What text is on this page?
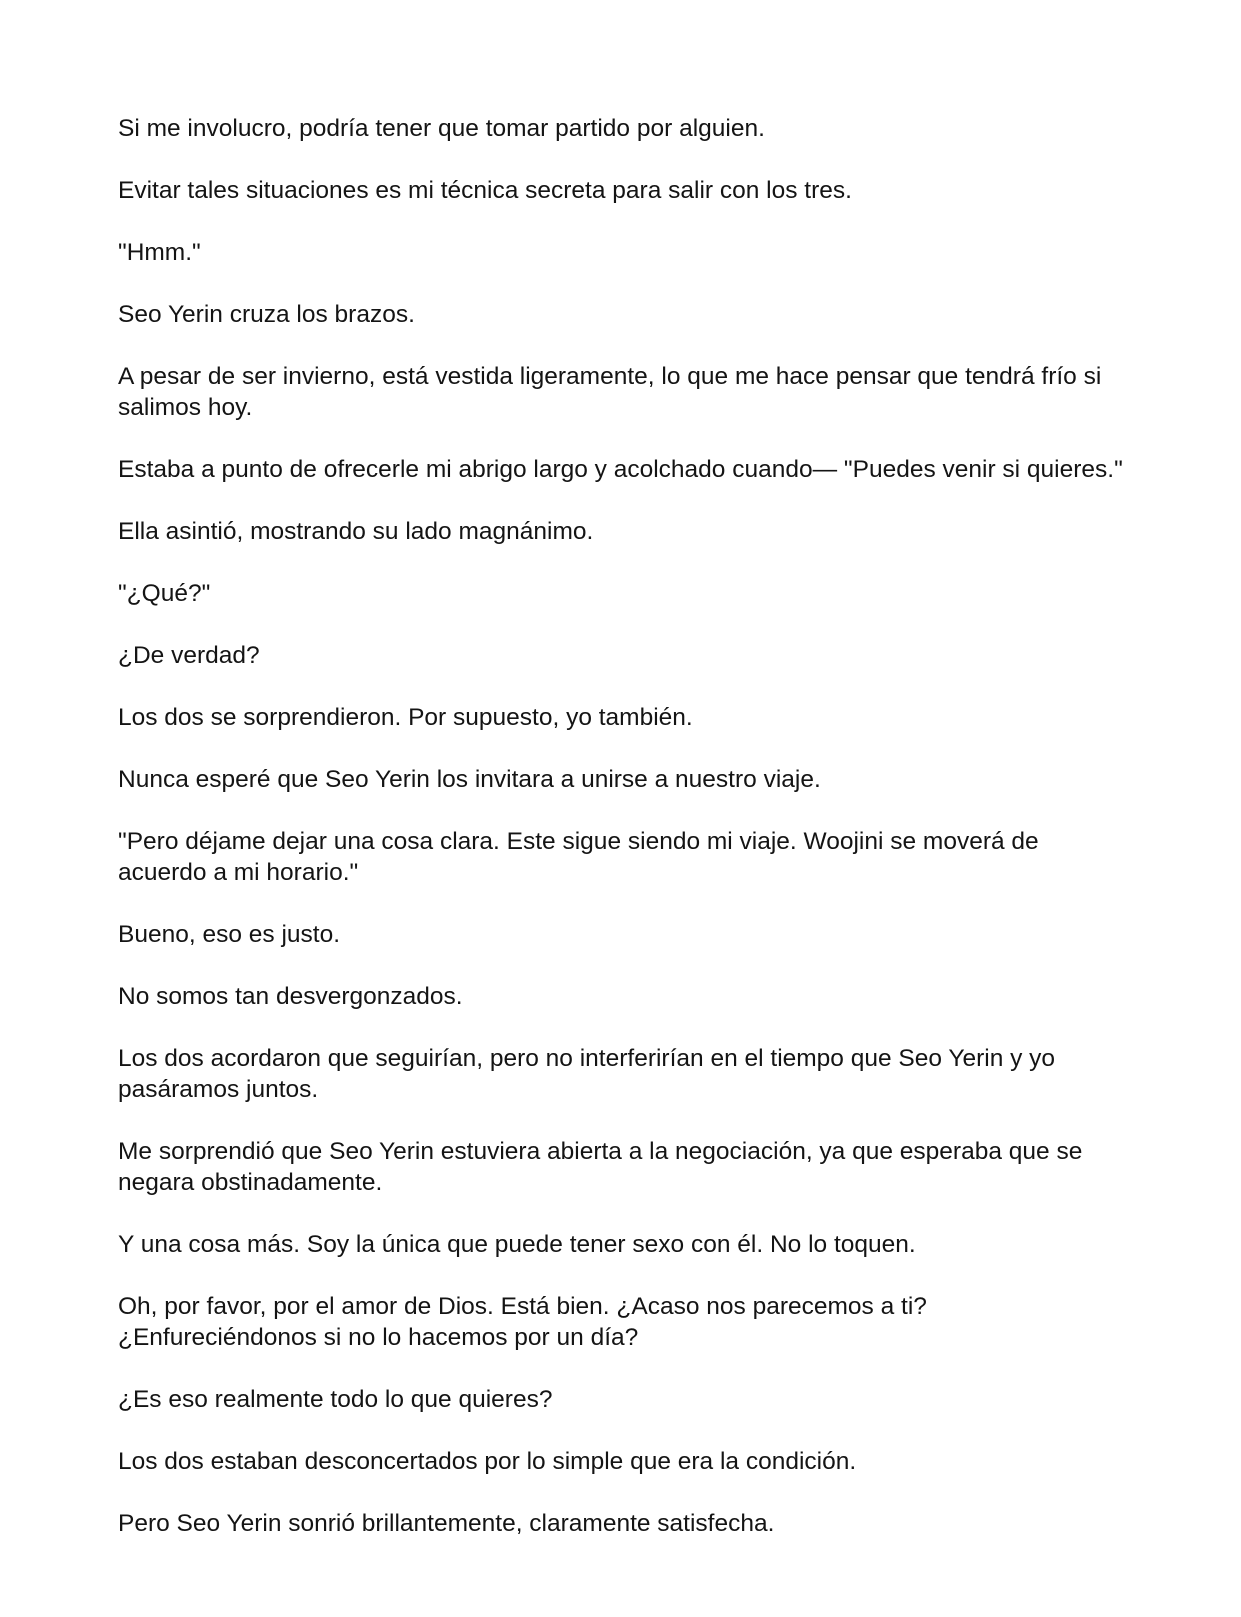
Si me involucro, podría tener que tomar partido por alguien.

Evitar tales situaciones es mi técnica secreta para salir con los tres.

"Hmm."

Seo Yerin cruza los brazos.

A pesar de ser invierno, está vestida ligeramente, lo que me hace pensar que tendrá frío si salimos hoy.

Estaba a punto de ofrecerle mi abrigo largo y acolchado cuando— "Puedes venir si quieres."

Ella asintió, mostrando su lado magnánimo.

"¿Qué?"

¿De verdad?

Los dos se sorprendieron. Por supuesto, yo también.

Nunca esperé que Seo Yerin los invitara a unirse a nuestro viaje.

"Pero déjame dejar una cosa clara. Este sigue siendo mi viaje. Woojini se moverá de acuerdo a mi horario."

Bueno, eso es justo.

No somos tan desvergonzados.

Los dos acordaron que seguirían, pero no interferirían en el tiempo que Seo Yerin y yo pasáramos juntos.

Me sorprendió que Seo Yerin estuviera abierta a la negociación, ya que esperaba que se negara obstinadamente.

Y una cosa más. Soy la única que puede tener sexo con él. No lo toquen.

Oh, por favor, por el amor de Dios. Está bien. ¿Acaso nos parecemos a ti? ¿Enfureciéndonos si no lo hacemos por un día?

¿Es eso realmente todo lo que quieres?

Los dos estaban desconcertados por lo simple que era la condición.

Pero Seo Yerin sonrió brillantemente, claramente satisfecha.
